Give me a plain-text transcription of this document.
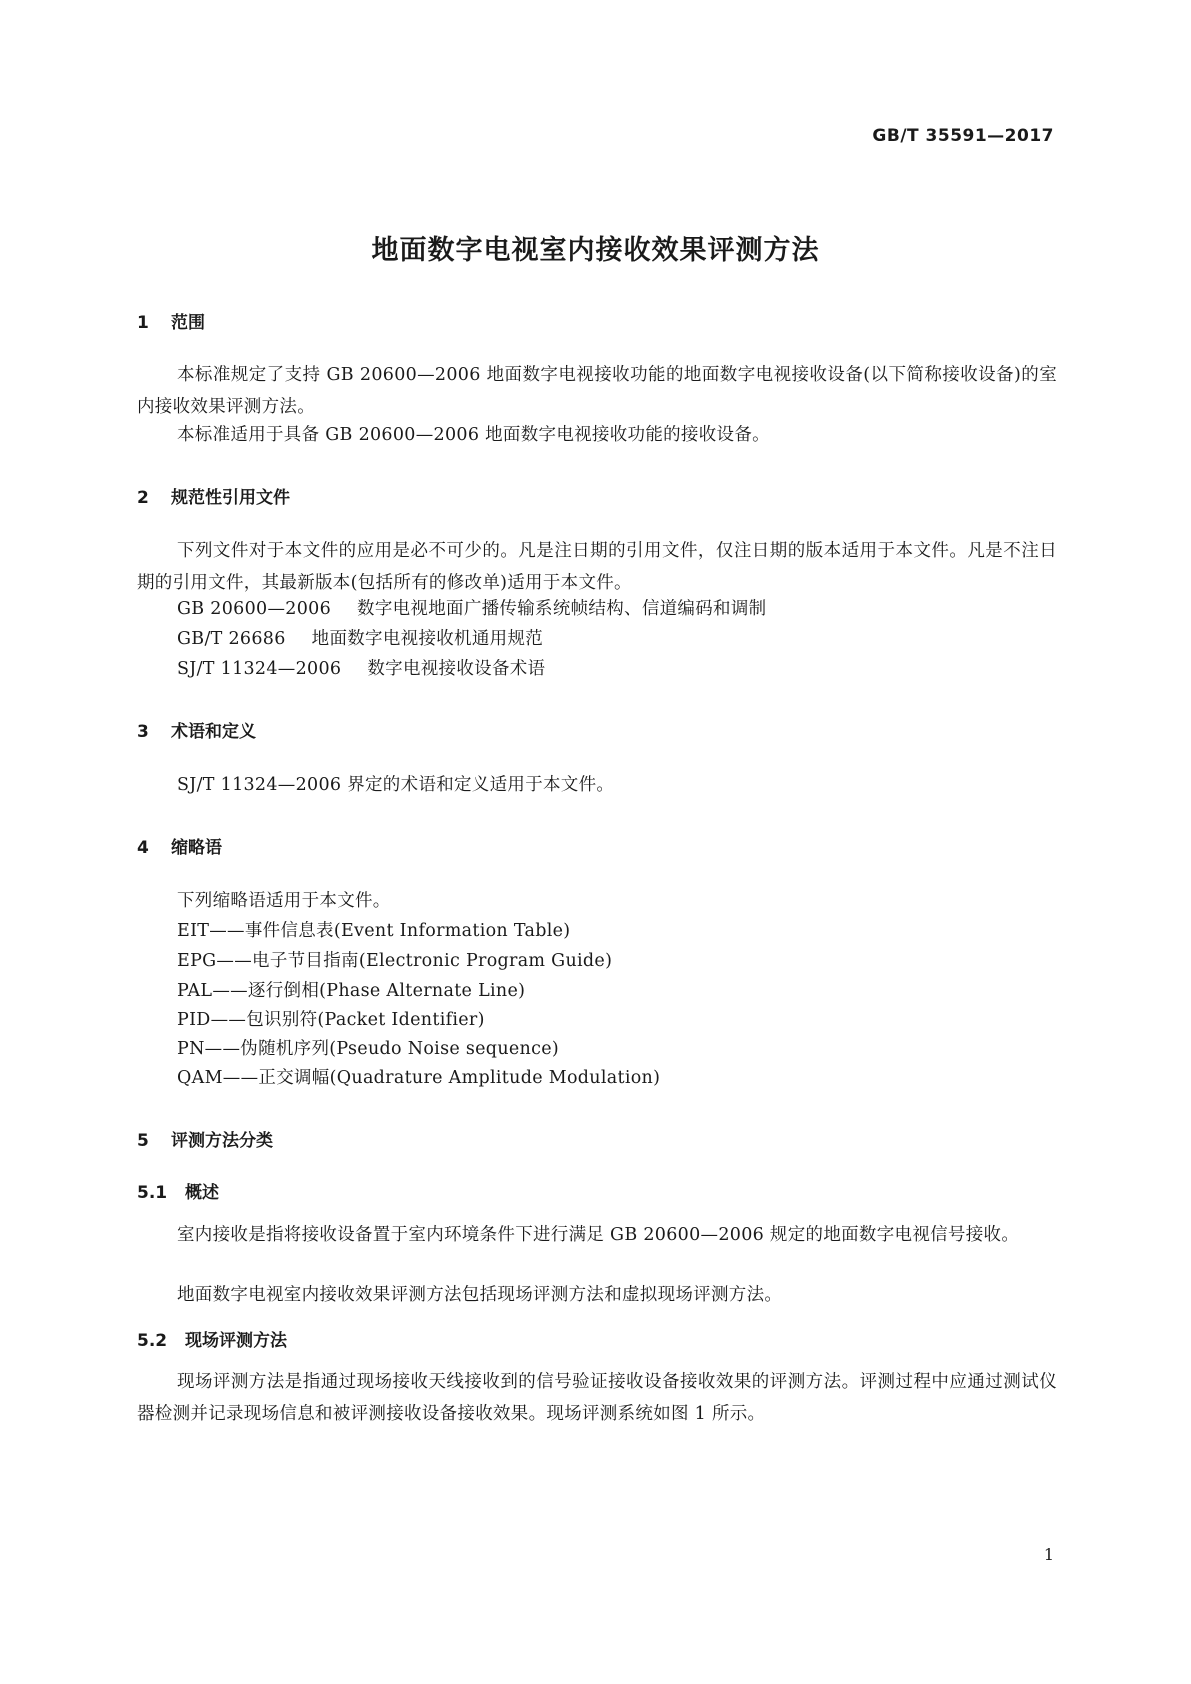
GB/T 35591—2017
地面数字电视室内接收效果评测方法
1 范围
本标准规定了支持 GB 20600—2006 地面数字电视接收功能的地面数字电视接收设备(以下简称接收设备)的室内接收效果评测方法。
本标准适用于具备 GB 20600—2006 地面数字电视接收功能的接收设备。
2 规范性引用文件
下列文件对于本文件的应用是必不可少的。凡是注日期的引用文件，仅注日期的版本适用于本文件。凡是不注日期的引用文件，其最新版本(包括所有的修改单)适用于本文件。
GB 20600—2006 数字电视地面广播传输系统帧结构、信道编码和调制
GB/T 26686 地面数字电视接收机通用规范
SJ/T 11324—2006 数字电视接收设备术语
3 术语和定义
SJ/T 11324—2006 界定的术语和定义适用于本文件。
4 缩略语
下列缩略语适用于本文件。
EIT——事件信息表(Event Information Table)
EPG——电子节目指南(Electronic Program Guide)
PAL——逐行倒相(Phase Alternate Line)
PID——包识别符(Packet Identifier)
PN——伪随机序列(Pseudo Noise sequence)
QAM——正交调幅(Quadrature Amplitude Modulation)
5 评测方法分类
5.1 概述
室内接收是指将接收设备置于室内环境条件下进行满足 GB 20600—2006 规定的地面数字电视信号接收。
地面数字电视室内接收效果评测方法包括现场评测方法和虚拟现场评测方法。
5.2 现场评测方法
现场评测方法是指通过现场接收天线接收到的信号验证接收设备接收效果的评测方法。评测过程中应通过测试仪器检测并记录现场信息和被评测接收设备接收效果。现场评测系统如图 1 所示。
1
